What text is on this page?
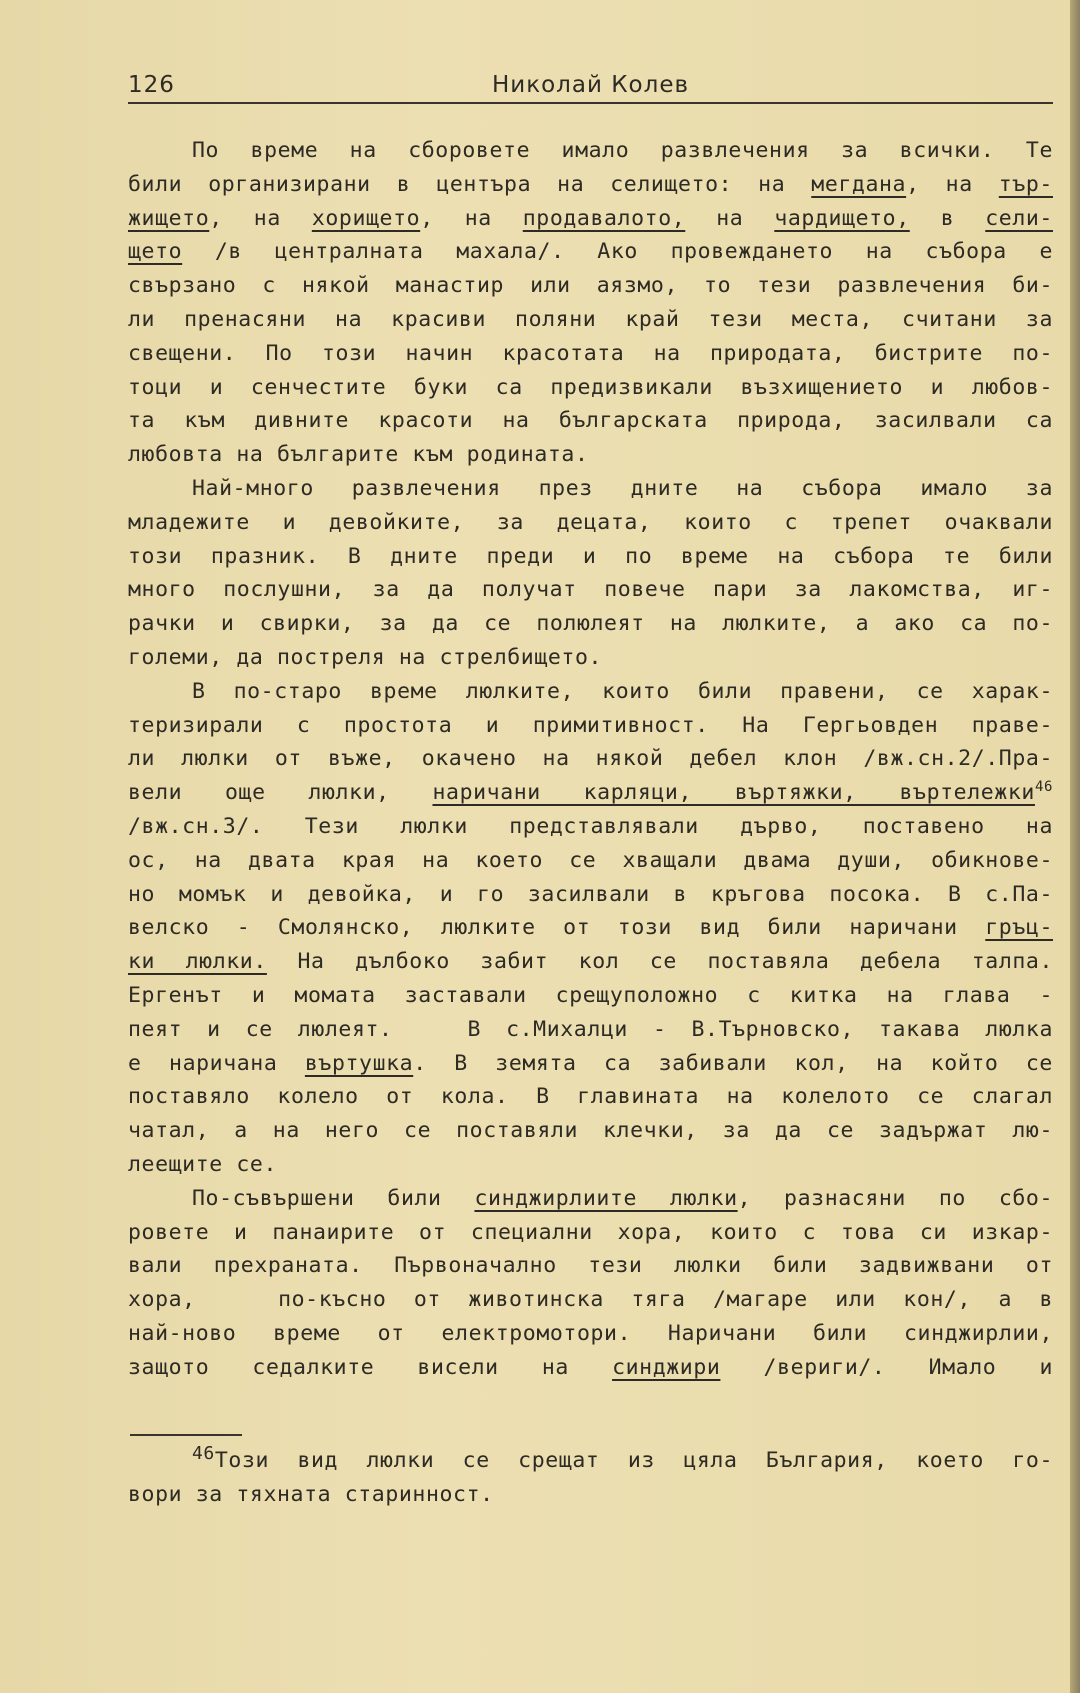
126	Николай Колев
По време на сборовете имало развлечения за всички. Те
били организирани в центъра на селището: на мегдана, на тър-
жището, на хорището, на продавалото, на чардището, в сели-
щето /в централната махала/. Ако провеждането на събора е
свързано с някой манастир или аязмо, то тези развлечения би-
ли пренасяни на красиви поляни край тези места, считани за
свещени. По този начин красотата на природата, бистрите по-
тоци и сенчестите буки са предизвикали възхищението и любов-
та към дивните красоти на българската природа, засилвали са
любовта на българите към родината.
Най-много развлечения през дните на събора имало за
младежите и девойките, за децата, които с трепет очаквали
този празник. В дните преди и по време на събора те били
много послушни, за да получат повече пари за лакомства, иг-
рачки и свирки, за да се полюлеят на люлките, а ако са по-
големи, да постреля на стрелбището.
В по-старо време люлките, които били правени, се харак-
теризирали с простота и примитивност. На Гергьовден праве-
ли люлки от въже, окачено на някой дебел клон /вж.сн.2/.Пра-
вели още люлки, наричани карляци, въртяжки, въртележки$^{46}$
/вж.сн.3/. Тези люлки представлявали дърво, поставено на
ос, на двата края на което се хващали двама души, обикнове-
но момък и девойка, и го засилвали в кръгова посока. В с.Па-
велско - Смолянско, люлките от този вид били наричани гръц-
ки люлки. На дълбоко забит кол се поставяла дебела талпа.
Ергенът и момата заставали срещуположно с китка на глава -
пеят и се люлеят.   В с.Михалци - В.Търновско, такава люлка
е наричана въртушка. В земята са забивали кол, на който се
поставяло колело от кола. В главината на колелото се слагал
чатал, а на него се поставяли клечки, за да се задържат лю-
леещите се.
По-съвършени били синджирлиите люлки, разнасяни по сбо-
ровете и панаирите от специални хора, които с това си изкар-
вали прехраната. Първоначално тези люлки били задвижвани от
хора,   по-късно от животинска тяга /магаре или кон/, а в
най-ново време от електромотори. Наричани били синджирлии,
защото седалките висели на синджири /вериги/. Имало и
$^{46}$Този вид люлки се срещат из цяла България, което го-
вори за тяхната старинност.
